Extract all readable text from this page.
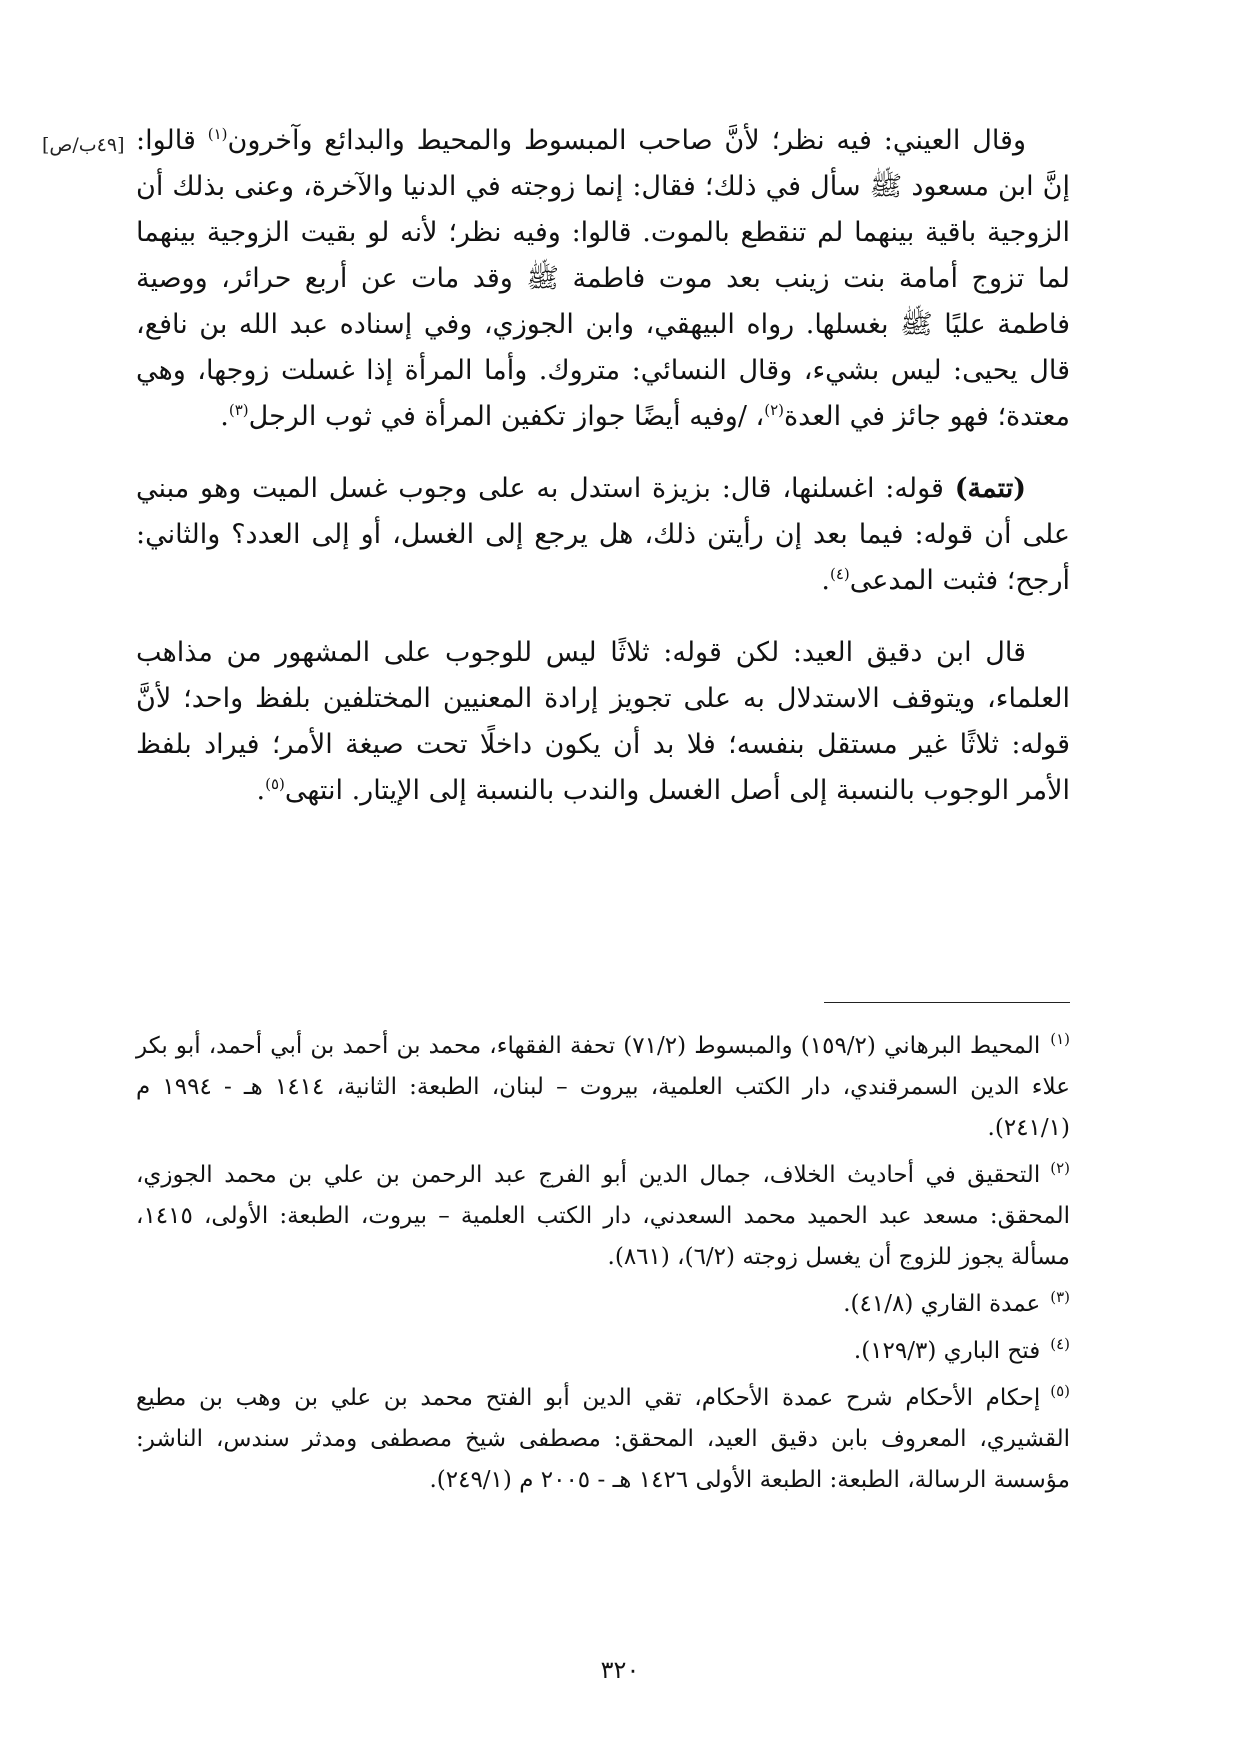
[٤٩ب/ص]	وقال العيني: فيه نظر؛ لأنَّ صاحب المبسوط والمحيط والبدائع وآخرون$^{(١)}$ قالوا: إنَّ ابن مسعود ﷺ سأل في ذلك؛ فقال: إنما زوجته في الدنيا والآخرة، وعنى بذلك أن الزوجية باقية بينهما لم تنقطع بالموت. قالوا: وفيه نظر؛ لأنه لو بقيت الزوجية بينهما لما تزوج أمامة بنت زينب بعد موت فاطمة ﷺ وقد مات عن أربع حرائر، ووصية فاطمة عليًا ﷺ بغسلها. رواه البيهقي، وابن الجوزي، وفي إسناده عبد الله بن نافع، قال يحيى: ليس بشيء، وقال النسائي: متروك. وأما المرأة إذا غسلت زوجها، وهي معتدة؛ فهو جائز في العدة$^{(٢)}$، /وفيه أيضًا جواز تكفين المرأة في ثوب الرجل$^{(٣)}$.

(تتمة) قوله: اغسلنها، قال: بزيزة استدل به على وجوب غسل الميت وهو مبني على أن قوله: فيما بعد إن رأيتن ذلك، هل يرجع إلى الغسل، أو إلى العدد؟ والثاني: أرجح؛ فثبت المدعى$^{(٤)}$.

قال ابن دقيق العيد: لكن قوله: ثلاثًا ليس للوجوب على المشهور من مذاهب العلماء، ويتوقف الاستدلال به على تجويز إرادة المعنيين المختلفين بلفظ واحد؛ لأنَّ قوله: ثلاثًا غير مستقل بنفسه؛ فلا بد أن يكون داخلًا تحت صيغة الأمر؛ فيراد بلفظ الأمر الوجوب بالنسبة إلى أصل الغسل والندب بالنسبة إلى الإيتار. انتهى$^{(٥)}$.

$^{(١)}$المحيط البرهاني (١٥٩/٢) والمبسوط (٧١/٢) تحفة الفقهاء، محمد بن أحمد بن أبي أحمد، أبو بكر علاء الدين السمرقندي، دار الكتب العلمية، بيروت – لبنان، الطبعة: الثانية، ١٤١٤ هـ - ١٩٩٤ م (٢٤١/١).
$^{(٢)}$التحقيق في أحاديث الخلاف، جمال الدين أبو الفرج عبد الرحمن بن علي بن محمد الجوزي، المحقق: مسعد عبد الحميد محمد السعدني، دار الكتب العلمية – بيروت، الطبعة: الأولى، ١٤١٥، مسألة يجوز للزوج أن يغسل زوجته (٦/٢)، (٨٦١).
$^{(٣)}$عمدة القاري (٤١/٨).
$^{(٤)}$فتح الباري (١٢٩/٣).
$^{(٥)}$إحكام الأحكام شرح عمدة الأحكام، تقي الدين أبو الفتح محمد بن علي بن وهب بن مطيع القشيري، المعروف بابن دقيق العيد، المحقق: مصطفى شيخ مصطفى ومدثر سندس، الناشر: مؤسسة الرسالة، الطبعة: الطبعة الأولى ١٤٢٦ هـ - ٢٠٠٥ م (٢٤٩/١).
٣٢٠
